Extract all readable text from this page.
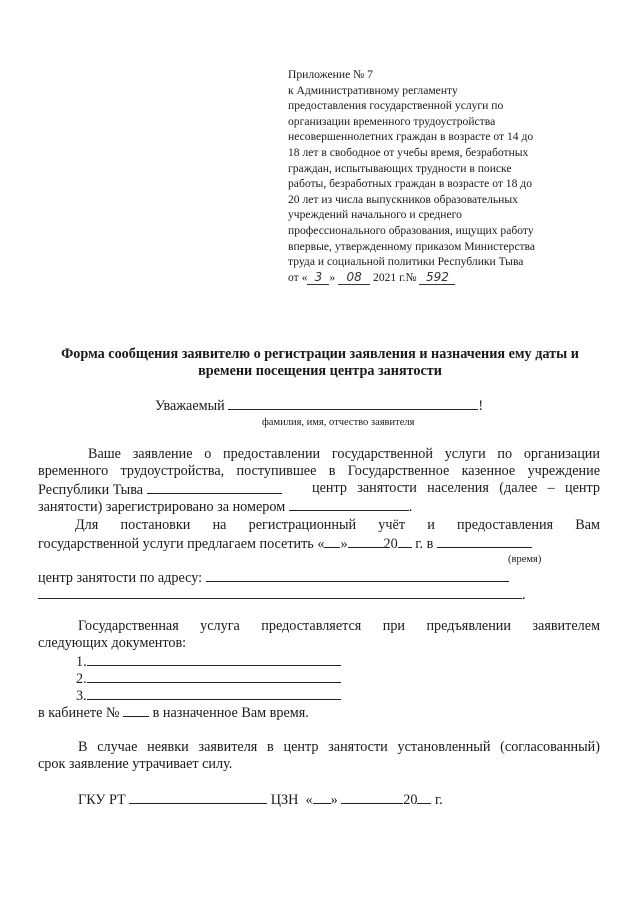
Приложение № 7
к Административному регламенту
предоставления государственной услуги по
организации временного трудоустройства
несовершеннолетних граждан в возрасте от 14 до
18 лет в свободное от учебы время, безработных
граждан, испытывающих трудности в поиске
работы, безработных граждан в возрасте от 18 до
20 лет из числа выпускников образовательных
учреждений начального и среднего
профессионального образования, ищущих работу
впервые, утвержденному приказом Министерства
труда и социальной политики Республики Тыва
от « 3 » 08 2021 г.№ 592
Форма сообщения заявителю о регистрации заявления и назначения ему даты и
времени посещения центра занятости
Уважаемый	!
фамилия, имя, отчество заявителя
Ваше заявление о предоставлении государственной услуги по организации
временного трудоустройства, поступившее в Государственное казенное учреждение
Республики Тыва	центр занятости населения (далее – центр
занятости) зарегистрировано за номером	.
Для постановки на регистрационный учёт и предоставления Вам
государственной услуги предлагаем посетить « »	20 г. в
(время)
центр занятости по адресу:
.
Государственная услуга предоставляется при предъявлении заявителем
следующих документов:
1.
2.
3.
в кабинете № в назначенное Вам время.
В случае неявки заявителя в центр занятости установленный (согласованный)
срок заявление утрачивает силу.
ГКУ РТ	ЦЗН « »	20 г.
